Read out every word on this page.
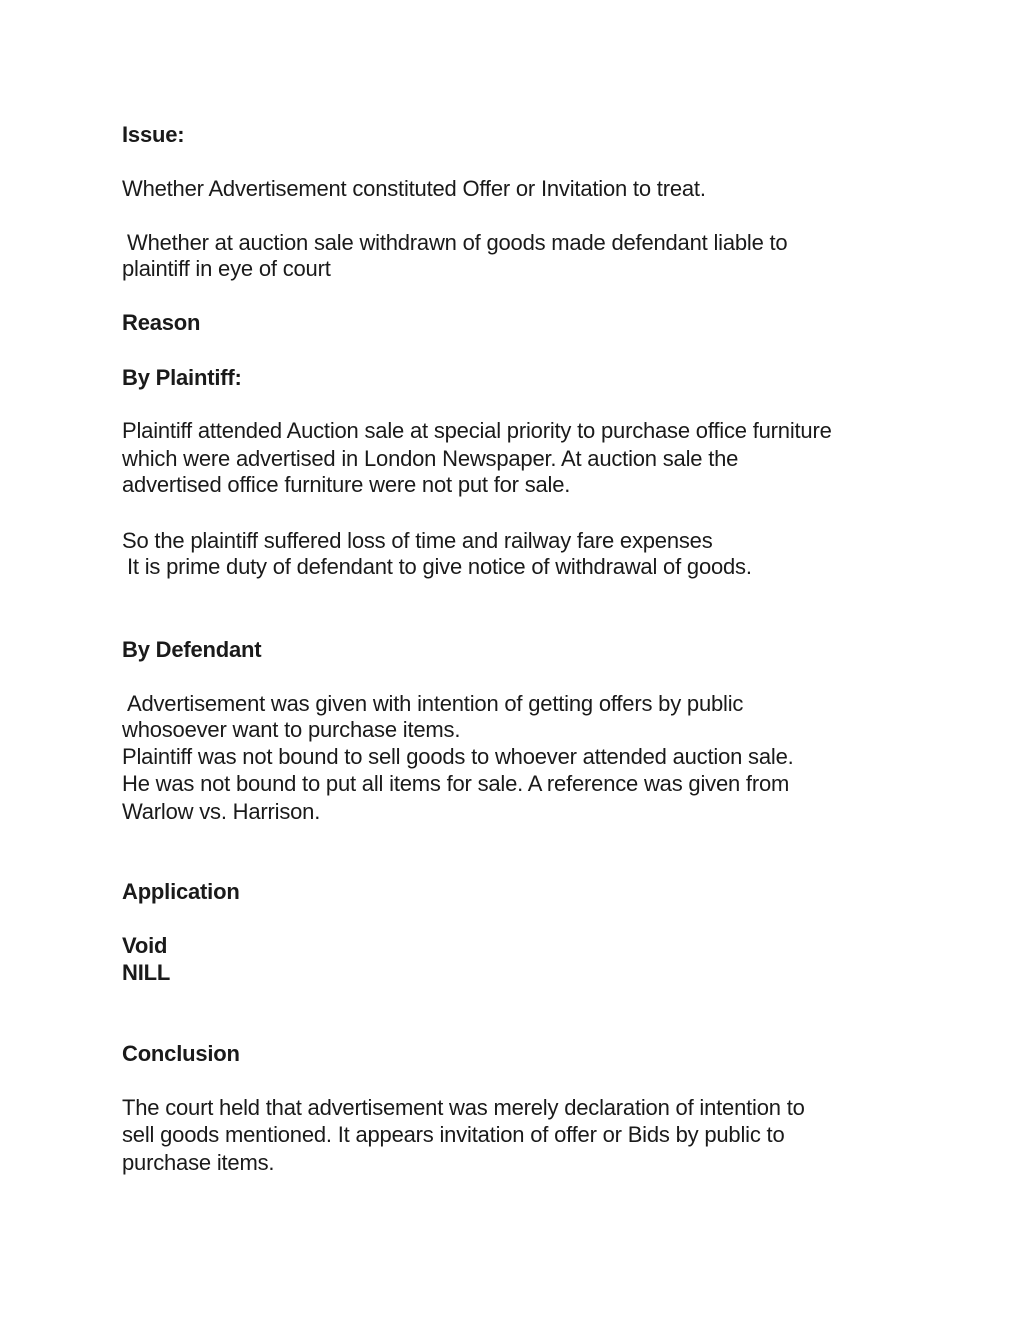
Issue:
Whether Advertisement constituted Offer or Invitation to treat.
Whether at auction sale withdrawn of goods made defendant liable to
plaintiff in eye of court
Reason
By Plaintiff:
Plaintiff attended Auction sale at special priority to purchase office furniture
which were advertised in London Newspaper. At auction sale the
advertised office furniture were not put for sale.
So the plaintiff suffered loss of time and railway fare expenses
It is prime duty of defendant to give notice of withdrawal of goods.
By Defendant
Advertisement was given with intention of getting offers by public
whosoever want to purchase items.
Plaintiff was not bound to sell goods to whoever attended auction sale.
He was not bound to put all items for sale. A reference was given from
Warlow vs. Harrison.
Application
Void
NILL
Conclusion
The court held that advertisement was merely declaration of intention to
sell goods mentioned. It appears invitation of offer or Bids by public to
purchase items.
